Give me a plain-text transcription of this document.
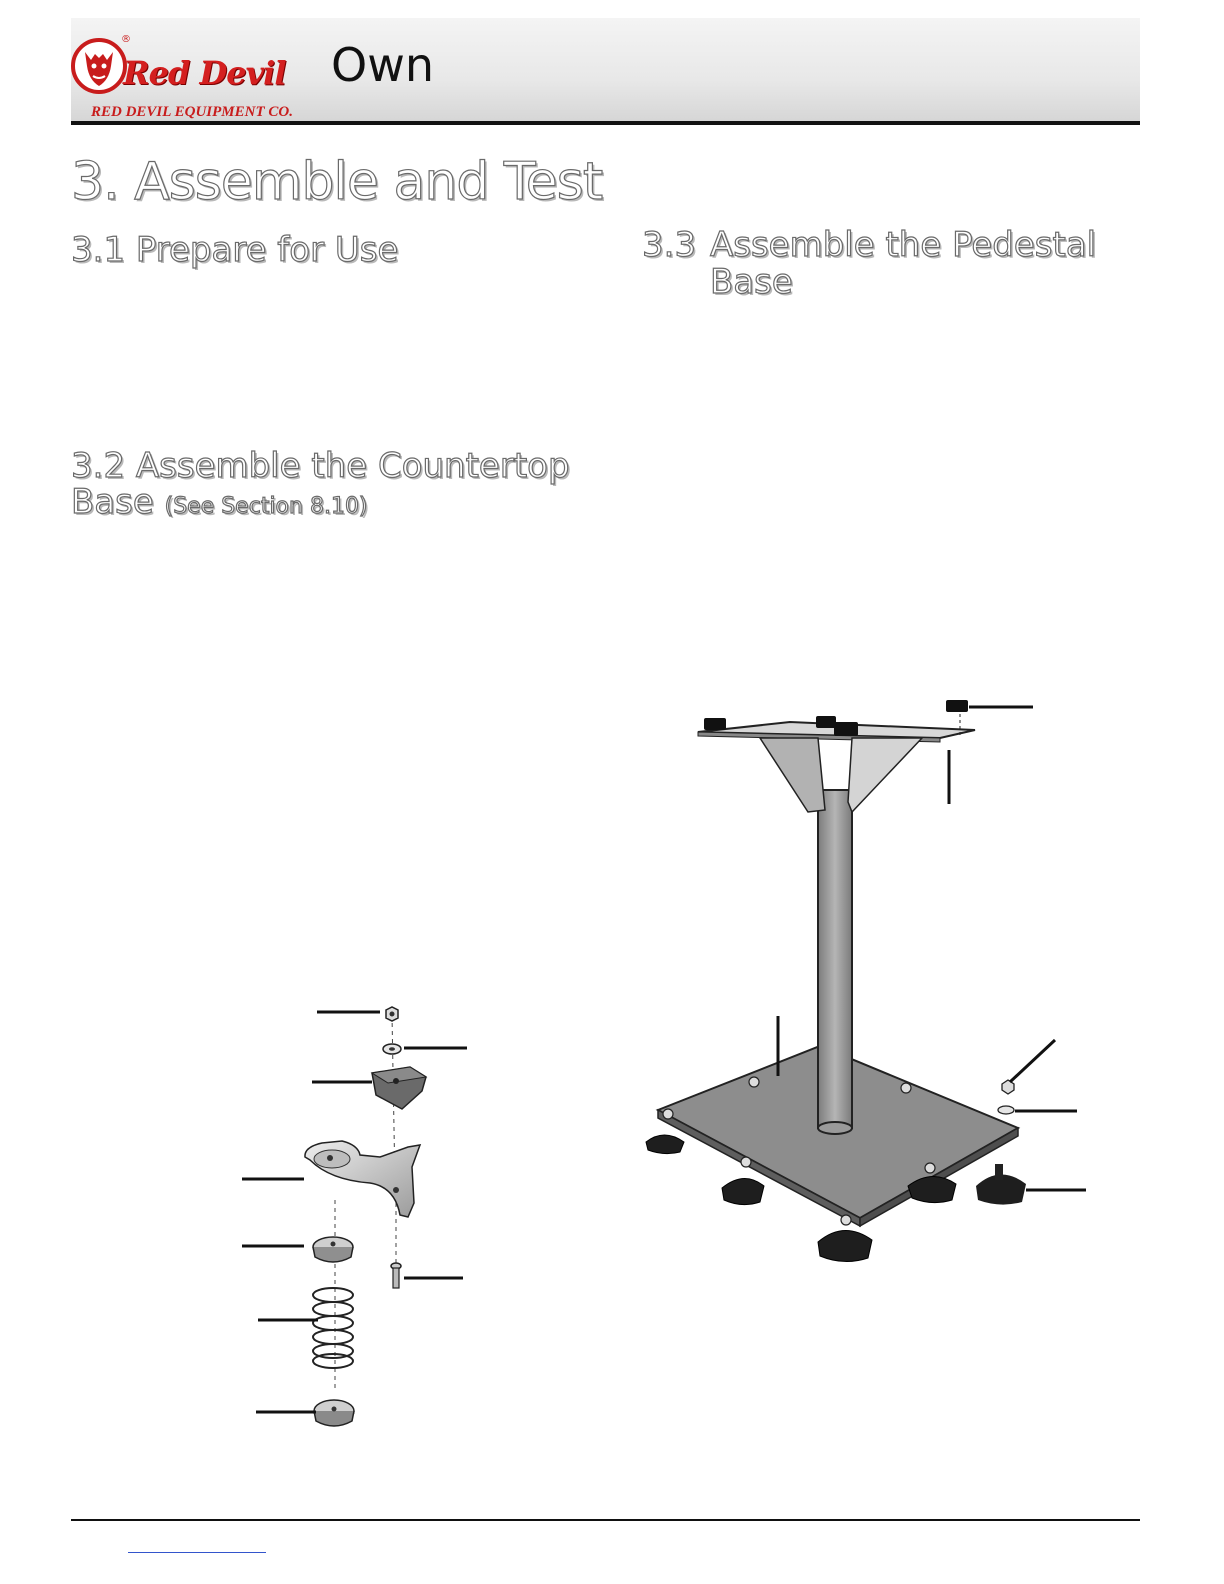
®
Red Devil
RED DEVIL EQUIPMENT CO.
Own
3. Assemble and Test
3.1 Prepare for Use
3.2 Assemble the Countertop
Base (See Section 8.10)
3.3 Assemble the Pedestal
Base
